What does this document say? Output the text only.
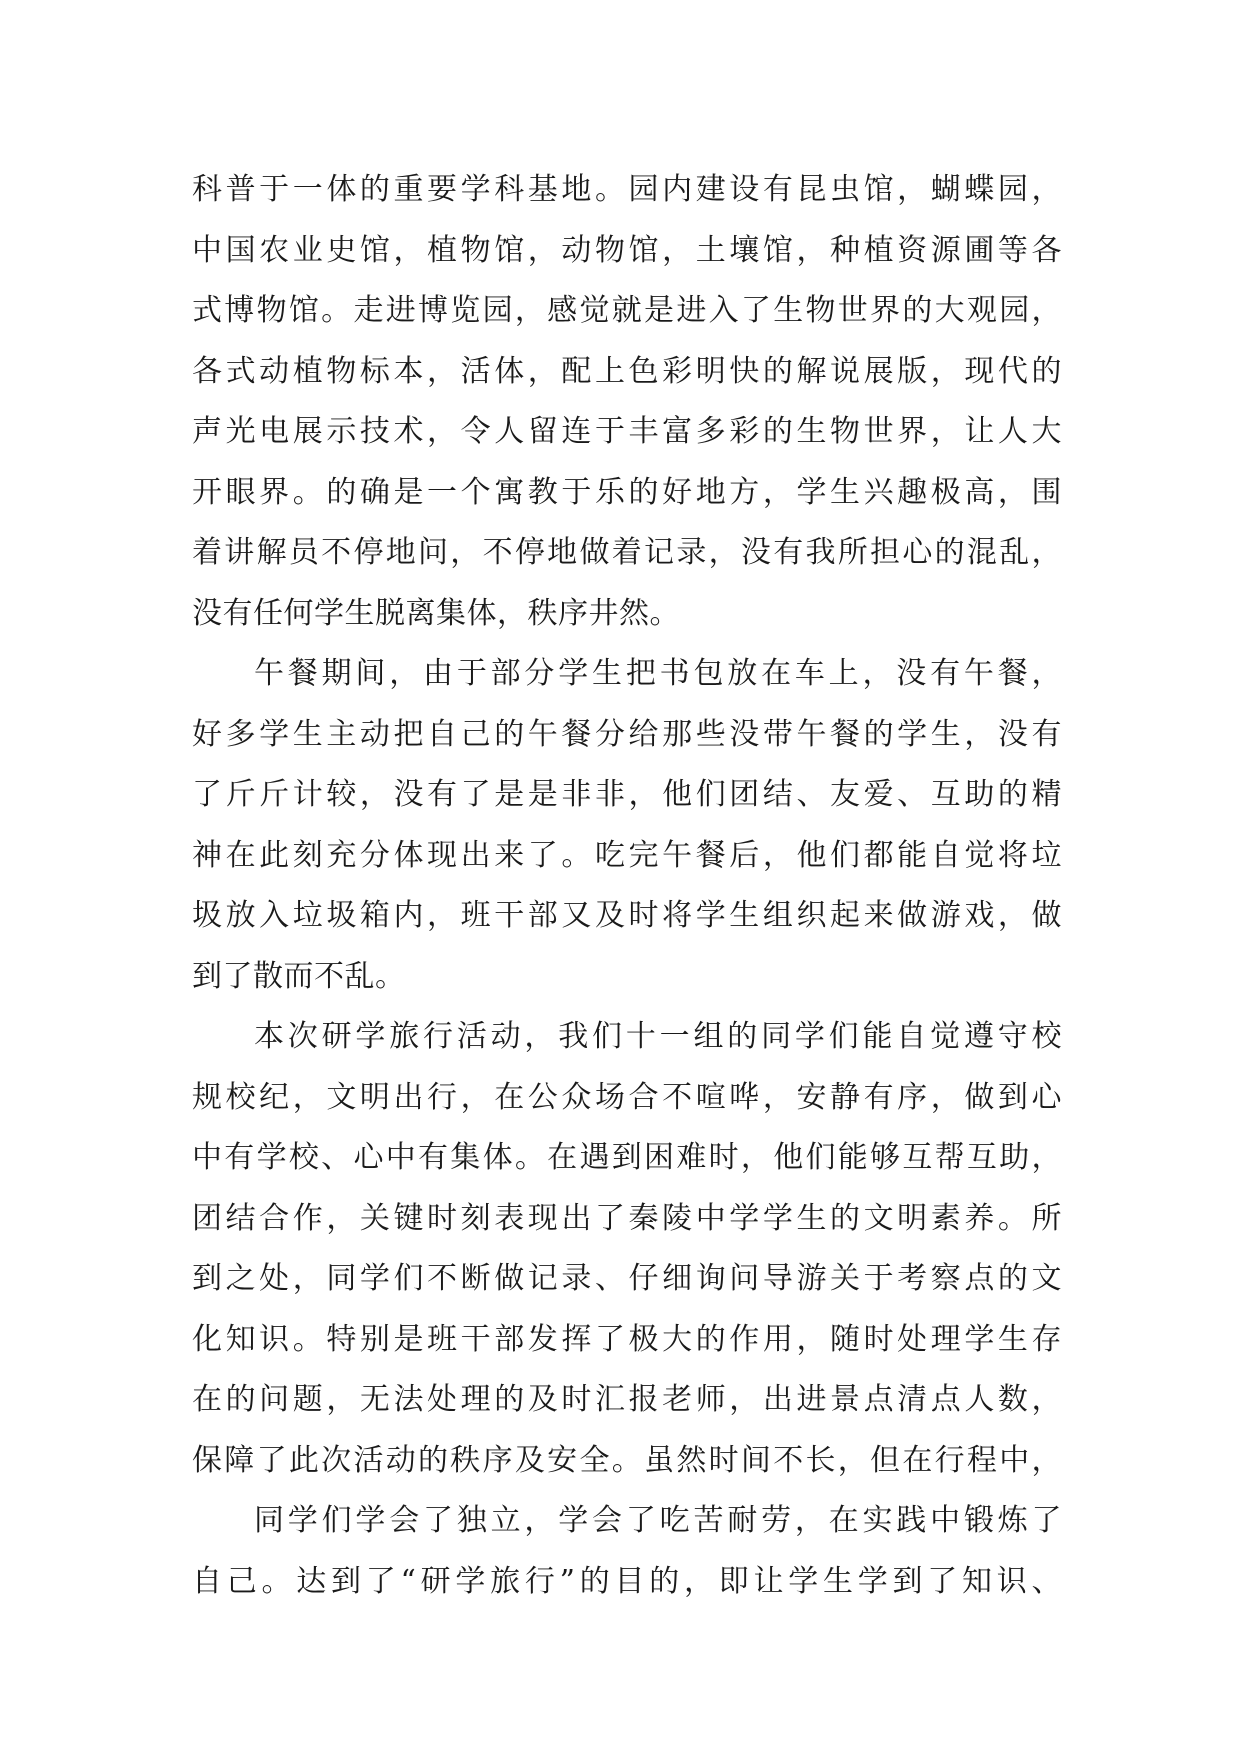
科普于一体的重要学科基地。园内建设有昆虫馆，蝴蝶园，
中国农业史馆，植物馆，动物馆，土壤馆，种植资源圃等各
式博物馆。走进博览园，感觉就是进入了生物世界的大观园，
各式动植物标本，活体，配上色彩明快的解说展版，现代的
声光电展示技术，令人留连于丰富多彩的生物世界，让人大
开眼界。的确是一个寓教于乐的好地方，学生兴趣极高，围
着讲解员不停地问，不停地做着记录，没有我所担心的混乱，
没有任何学生脱离集体，秩序井然。
午餐期间，由于部分学生把书包放在车上，没有午餐，
好多学生主动把自己的午餐分给那些没带午餐的学生，没有
了斤斤计较，没有了是是非非，他们团结、友爱、互助的精
神在此刻充分体现出来了。吃完午餐后，他们都能自觉将垃
圾放入垃圾箱内，班干部又及时将学生组织起来做游戏，做
到了散而不乱。
本次研学旅行活动，我们十一组的同学们能自觉遵守校
规校纪，文明出行，在公众场合不喧哗，安静有序，做到心
中有学校、心中有集体。在遇到困难时，他们能够互帮互助，
团结合作，关键时刻表现出了秦陵中学学生的文明素养。所
到之处，同学们不断做记录、仔细询问导游关于考察点的文
化知识。特别是班干部发挥了极大的作用，随时处理学生存
在的问题，无法处理的及时汇报老师，出进景点清点人数，
保障了此次活动的秩序及安全。虽然时间不长，但在行程中，
同学们学会了独立，学会了吃苦耐劳，在实践中锻炼了
自己。达到了“研学旅行”的目的，即让学生学到了知识、
